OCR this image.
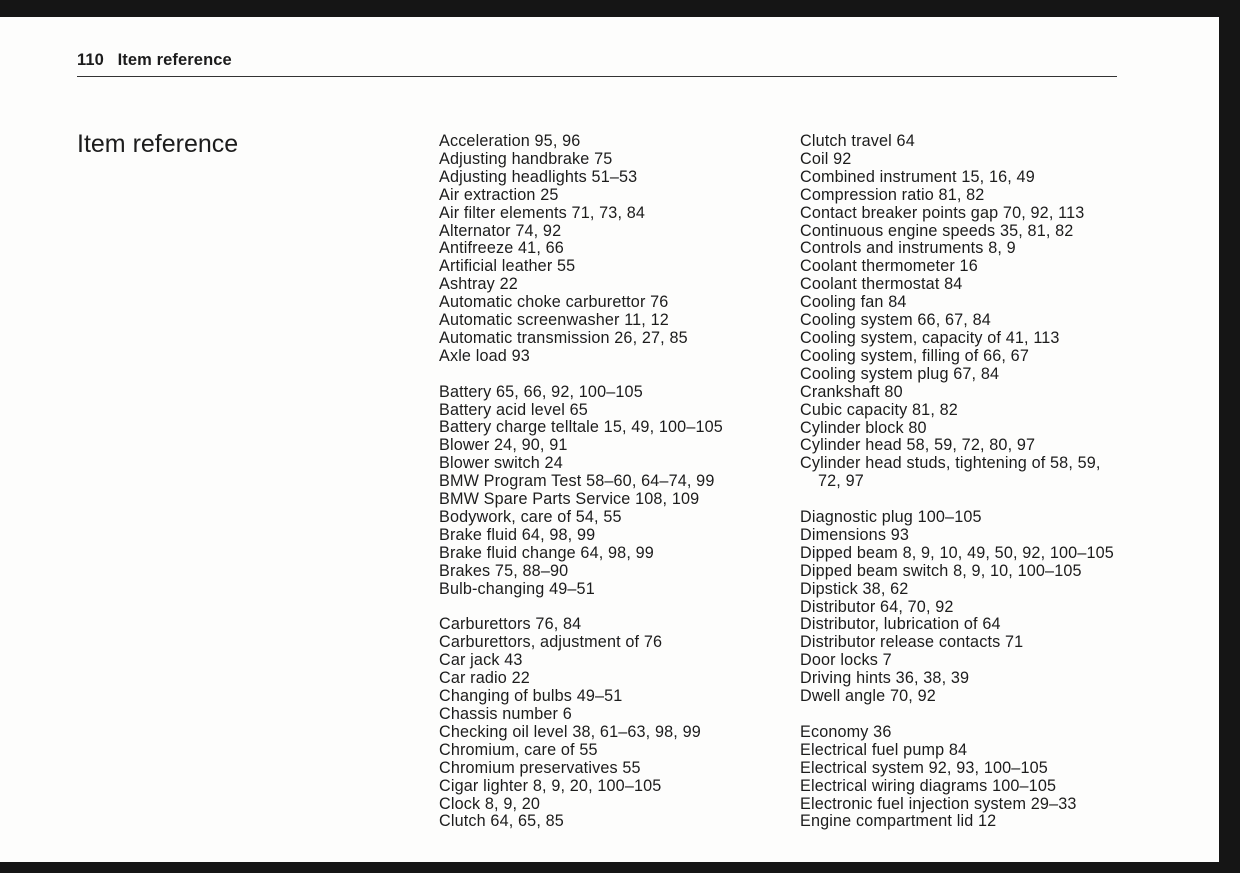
110 Item reference
Item reference	Acceleration 95, 96
Adjusting handbrake 75
Adjusting headlights 51–53
Air extraction 25
Air filter elements 71, 73, 84
Alternator 74, 92
Antifreeze 41, 66
Artificial leather 55
Ashtray 22
Automatic choke carburettor 76
Automatic screenwasher 11, 12
Automatic transmission 26, 27, 85
Axle load 93
Battery 65, 66, 92, 100–105
Battery acid level 65
Battery charge telltale 15, 49, 100–105
Blower 24, 90, 91
Blower switch 24
BMW Program Test 58–60, 64–74, 99
BMW Spare Parts Service 108, 109
Bodywork, care of 54, 55
Brake fluid 64, 98, 99
Brake fluid change 64, 98, 99
Brakes 75, 88–90
Bulb-changing 49–51
Carburettors 76, 84
Carburettors, adjustment of 76
Car jack 43
Car radio 22
Changing of bulbs 49–51
Chassis number 6
Checking oil level 38, 61–63, 98, 99
Chromium, care of 55
Chromium preservatives 55
Cigar lighter 8, 9, 20, 100–105
Clock 8, 9, 20
Clutch 64, 65, 85
Clutch travel 64
Coil 92
Combined instrument 15, 16, 49
Compression ratio 81, 82
Contact breaker points gap 70, 92, 113
Continuous engine speeds 35, 81, 82
Controls and instruments 8, 9
Coolant thermometer 16
Coolant thermostat 84
Cooling fan 84
Cooling system 66, 67, 84
Cooling system, capacity of 41, 113
Cooling system, filling of 66, 67
Cooling system plug 67, 84
Crankshaft 80
Cubic capacity 81, 82
Cylinder block 80
Cylinder head 58, 59, 72, 80, 97
Cylinder head studs, tightening of 58, 59,
72, 97
Diagnostic plug 100–105
Dimensions 93
Dipped beam 8, 9, 10, 49, 50, 92, 100–105
Dipped beam switch 8, 9, 10, 100–105
Dipstick 38, 62
Distributor 64, 70, 92
Distributor, lubrication of 64
Distributor release contacts 71
Door locks 7
Driving hints 36, 38, 39
Dwell angle 70, 92
Economy 36
Electrical fuel pump 84
Electrical system 92, 93, 100–105
Electrical wiring diagrams 100–105
Electronic fuel injection system 29–33
Engine compartment lid 12
